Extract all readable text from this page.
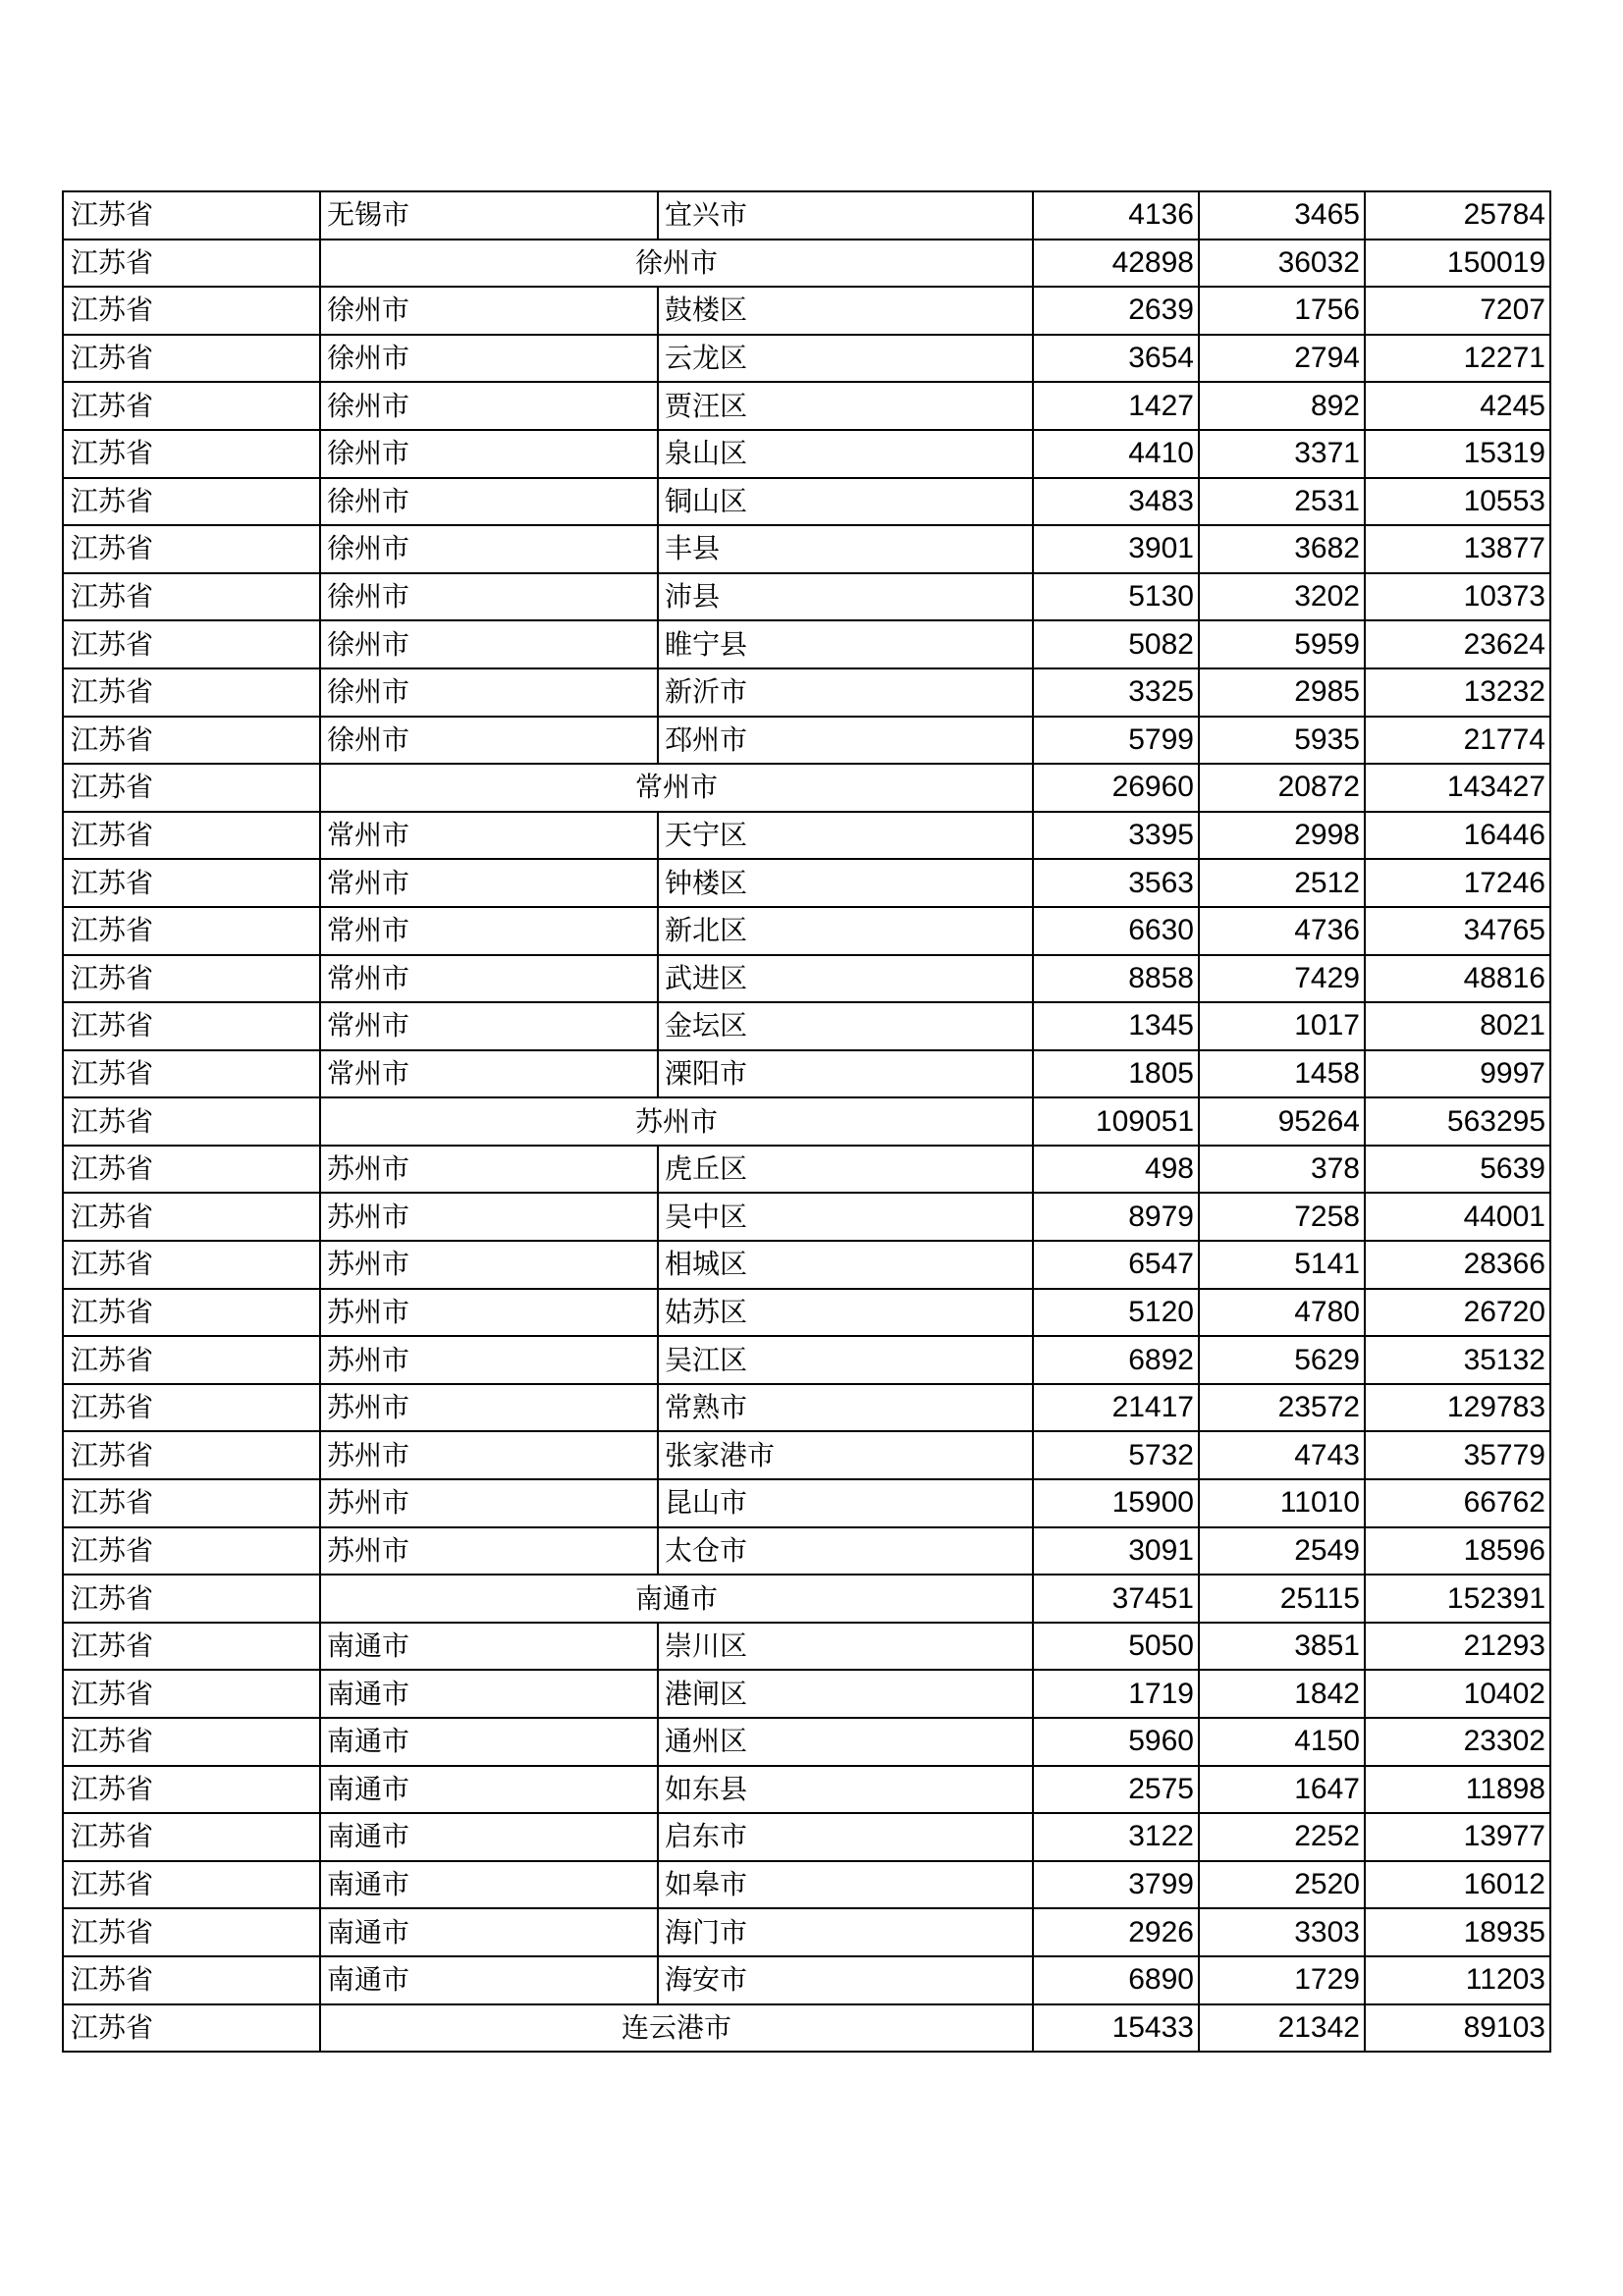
江苏省	无锡市	宜兴市	4136	3465	25784
江苏省	徐州市		42898	36032	150019
江苏省	徐州市	鼓楼区	2639	1756	7207
江苏省	徐州市	云龙区	3654	2794	12271
江苏省	徐州市	贾汪区	1427	892	4245
江苏省	徐州市	泉山区	4410	3371	15319
江苏省	徐州市	铜山区	3483	2531	10553
江苏省	徐州市	丰县	3901	3682	13877
江苏省	徐州市	沛县	5130	3202	10373
江苏省	徐州市	睢宁县	5082	5959	23624
江苏省	徐州市	新沂市	3325	2985	13232
江苏省	徐州市	邳州市	5799	5935	21774
江苏省	常州市		26960	20872	143427
江苏省	常州市	天宁区	3395	2998	16446
江苏省	常州市	钟楼区	3563	2512	17246
江苏省	常州市	新北区	6630	4736	34765
江苏省	常州市	武进区	8858	7429	48816
江苏省	常州市	金坛区	1345	1017	8021
江苏省	常州市	溧阳市	1805	1458	9997
江苏省	苏州市		109051	95264	563295
江苏省	苏州市	虎丘区	498	378	5639
江苏省	苏州市	吴中区	8979	7258	44001
江苏省	苏州市	相城区	6547	5141	28366
江苏省	苏州市	姑苏区	5120	4780	26720
江苏省	苏州市	吴江区	6892	5629	35132
江苏省	苏州市	常熟市	21417	23572	129783
江苏省	苏州市	张家港市	5732	4743	35779
江苏省	苏州市	昆山市	15900	11010	66762
江苏省	苏州市	太仓市	3091	2549	18596
江苏省	南通市		37451	25115	152391
江苏省	南通市	崇川区	5050	3851	21293
江苏省	南通市	港闸区	1719	1842	10402
江苏省	南通市	通州区	5960	4150	23302
江苏省	南通市	如东县	2575	1647	11898
江苏省	南通市	启东市	3122	2252	13977
江苏省	南通市	如皋市	3799	2520	16012
江苏省	南通市	海门市	2926	3303	18935
江苏省	南通市	海安市	6890	1729	11203
江苏省	连云港市		15433	21342	89103
